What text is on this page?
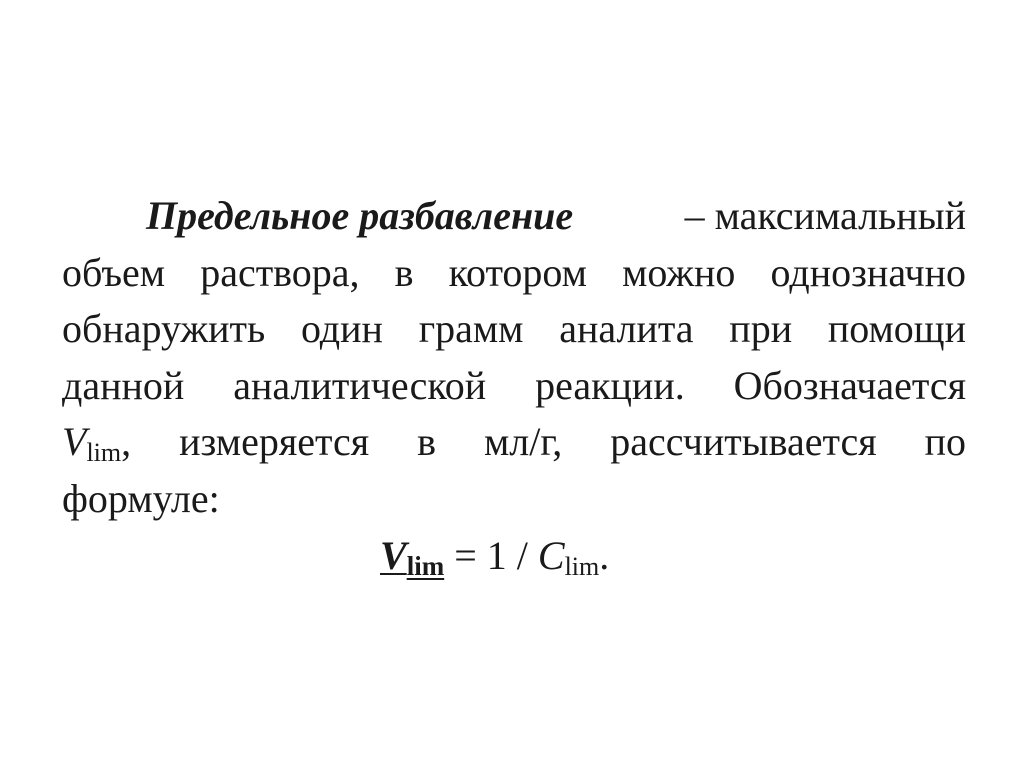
Предельное разбавление	– максимальный
объем раствора, в котором можно однозначно
обнаружить один грамм аналита при помощи
данной аналитической реакции. Обозначается
$V_{lim}$, измеряется в мл/г, рассчитывается по
формуле:
Vlim = 1 / Clim.
